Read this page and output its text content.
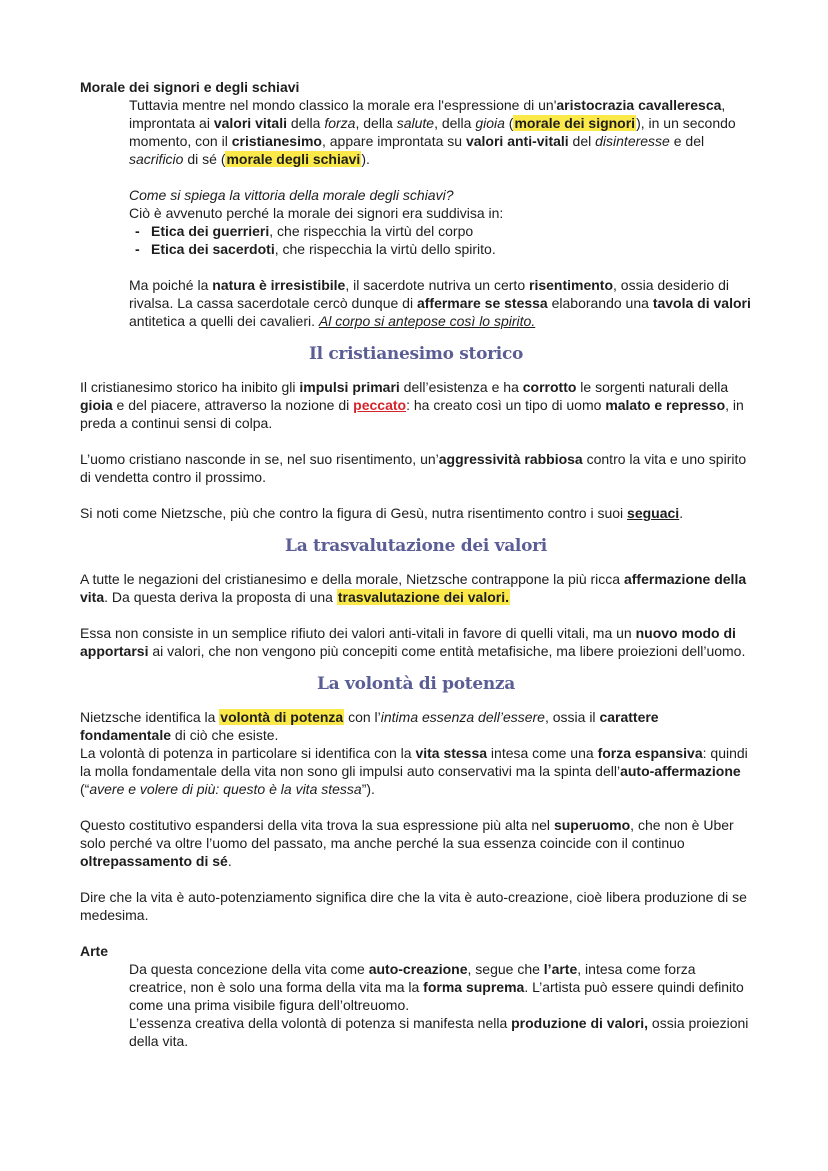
Morale dei signori e degli schiavi

Tuttavia mentre nel mondo classico la morale era l'espressione di un'aristocrazia cavalleresca, improntata ai valori vitali della forza, della salute, della gioia (morale dei signori), in un secondo momento, con il cristianesimo, appare improntata su valori anti-vitali del disinteresse e del sacrificio di sé (morale degli schiavi).

Come si spiega la vittoria della morale degli schiavi?

Ciò è avvenuto perché la morale dei signori era suddivisa in:

- Etica dei guerrieri, che rispecchia la virtù del corpo
- Etica dei sacerdoti, che rispecchia la virtù dello spirito.

Ma poiché la natura è irresistibile, il sacerdote nutriva un certo risentimento, ossia desiderio di rivalsa. La cassa sacerdotale cercò dunque di affermare se stessa elaborando una tavola di valori antitetica a quelli dei cavalieri. Al corpo si antepose così lo spirito.

Il cristianesimo storico

Il cristianesimo storico ha inibito gli impulsi primari dell’esistenza e ha corrotto le sorgenti naturali della gioia e del piacere, attraverso la nozione di peccato: ha creato così un tipo di uomo malato e represso, in preda a continui sensi di colpa.

L’uomo cristiano nasconde in se, nel suo risentimento, un’aggressività rabbiosa contro la vita e uno spirito di vendetta contro il prossimo.

Si noti come Nietzsche, più che contro la figura di Gesù, nutra risentimento contro i suoi seguaci.

La trasvalutazione dei valori

A tutte le negazioni del cristianesimo e della morale, Nietzsche contrappone la più ricca affermazione della vita. Da questa deriva la proposta di una trasvalutazione dei valori.

Essa non consiste in un semplice rifiuto dei valori anti-vitali in favore di quelli vitali, ma un nuovo modo di apportarsi ai valori, che non vengono più concepiti come entità metafisiche, ma libere proiezioni dell’uomo.

La volontà di potenza

Nietzsche identifica la volontà di potenza con l’intima essenza dell’essere, ossia il carattere fondamentale di ciò che esiste.

La volontà di potenza in particolare si identifica con la vita stessa intesa come una forza espansiva: quindi la molla fondamentale della vita non sono gli impulsi auto conservativi ma la spinta dell’auto-affermazione (“avere e volere di più: questo è la vita stessa”).

Questo costitutivo espandersi della vita trova la sua espressione più alta nel superuomo, che non è Uber solo perché va oltre l’uomo del passato, ma anche perché la sua essenza coincide con il continuo oltrepassamento di sé.

Dire che la vita è auto-potenziamento significa dire che la vita è auto-creazione, cioè libera produzione di se medesima.

Arte

Da questa concezione della vita come auto-creazione, segue che l’arte, intesa come forza creatrice, non è solo una forma della vita ma la forma suprema. L’artista può essere quindi definito come una prima visibile figura dell’oltreuomo.

L’essenza creativa della volontà di potenza si manifesta nella produzione di valori, ossia proiezioni della vita.
